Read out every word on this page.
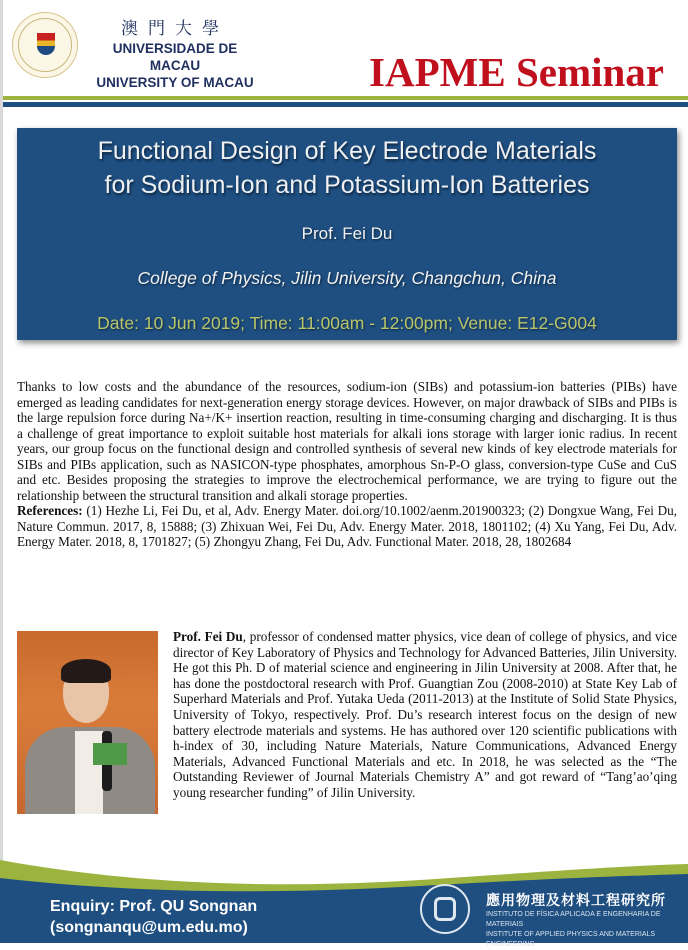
澳門大學
UNIVERSIDADE DE MACAU
UNIVERSITY OF MACAU	IAPME Seminar
Functional Design of Key Electrode Materials
for Sodium-Ion and Potassium-Ion Batteries
Prof. Fei Du
College of Physics, Jilin University, Changchun, China
Date: 10 Jun 2019; Time: 11:00am - 12:00pm; Venue: E12-G004

Thanks to low costs and the abundance of the resources, sodium-ion (SIBs) and potassium-ion batteries (PIBs) have emerged as leading candidates for next-generation energy storage devices. However, on major drawback of SIBs and PIBs is the large repulsion force during Na+/K+ insertion reaction, resulting in time-consuming charging and discharging. It is thus a challenge of great importance to exploit suitable host materials for alkali ions storage with larger ionic radius. In recent years, our group focus on the functional design and controlled synthesis of several new kinds of key electrode materials for SIBs and PIBs application, such as NASICON-type phosphates, amorphous Sn-P-O glass, conversion-type CuSe and CuS and etc. Besides proposing the strategies to improve the electrochemical performance, we are trying to figure out the relationship between the structural transition and alkali storage properties.

References: (1) Hezhe Li, Fei Du, et al, Adv. Energy Mater. doi.org/10.1002/aenm.201900323; (2) Dongxue Wang, Fei Du, Nature Commun. 2017, 8, 15888; (3) Zhixuan Wei, Fei Du, Adv. Energy Mater. 2018, 1801102; (4) Xu Yang, Fei Du, Adv. Energy Mater. 2018, 8, 1701827; (5) Zhongyu Zhang, Fei Du, Adv. Functional Mater. 2018, 28, 1802684

Prof. Fei Du, professor of condensed matter physics, vice dean of college of physics, and vice director of Key Laboratory of Physics and Technology for Advanced Batteries, Jilin University. He got this Ph. D of material science and engineering in Jilin University at 2008. After that, he has done the postdoctoral research with Prof. Guangtian Zou (2008-2010) at State Key Lab of Superhard Materials and Prof. Yutaka Ueda (2011-2013) at the Institute of Solid State Physics, University of Tokyo, respectively. Prof. Du’s research interest focus on the design of new battery electrode materials and systems. He has authored over 120 scientific publications with h-index of 30, including Nature Materials, Nature Communications, Advanced Energy Materials, Advanced Functional Materials and etc. In 2018, he was selected as the “The Outstanding Reviewer of Journal Materials Chemistry A” and got reward of “Tang’ao’qing young researcher funding” of Jilin University.

Enquiry: Prof. QU Songnan
(songnanqu@um.edu.mo)
應用物理及材料工程研究所
INSTITUTO DE FÍSICA APLICADA E ENGENHARIA DE MATERIAIS
INSTITUTE OF APPLIED PHYSICS AND MATERIALS ENGINEERING
